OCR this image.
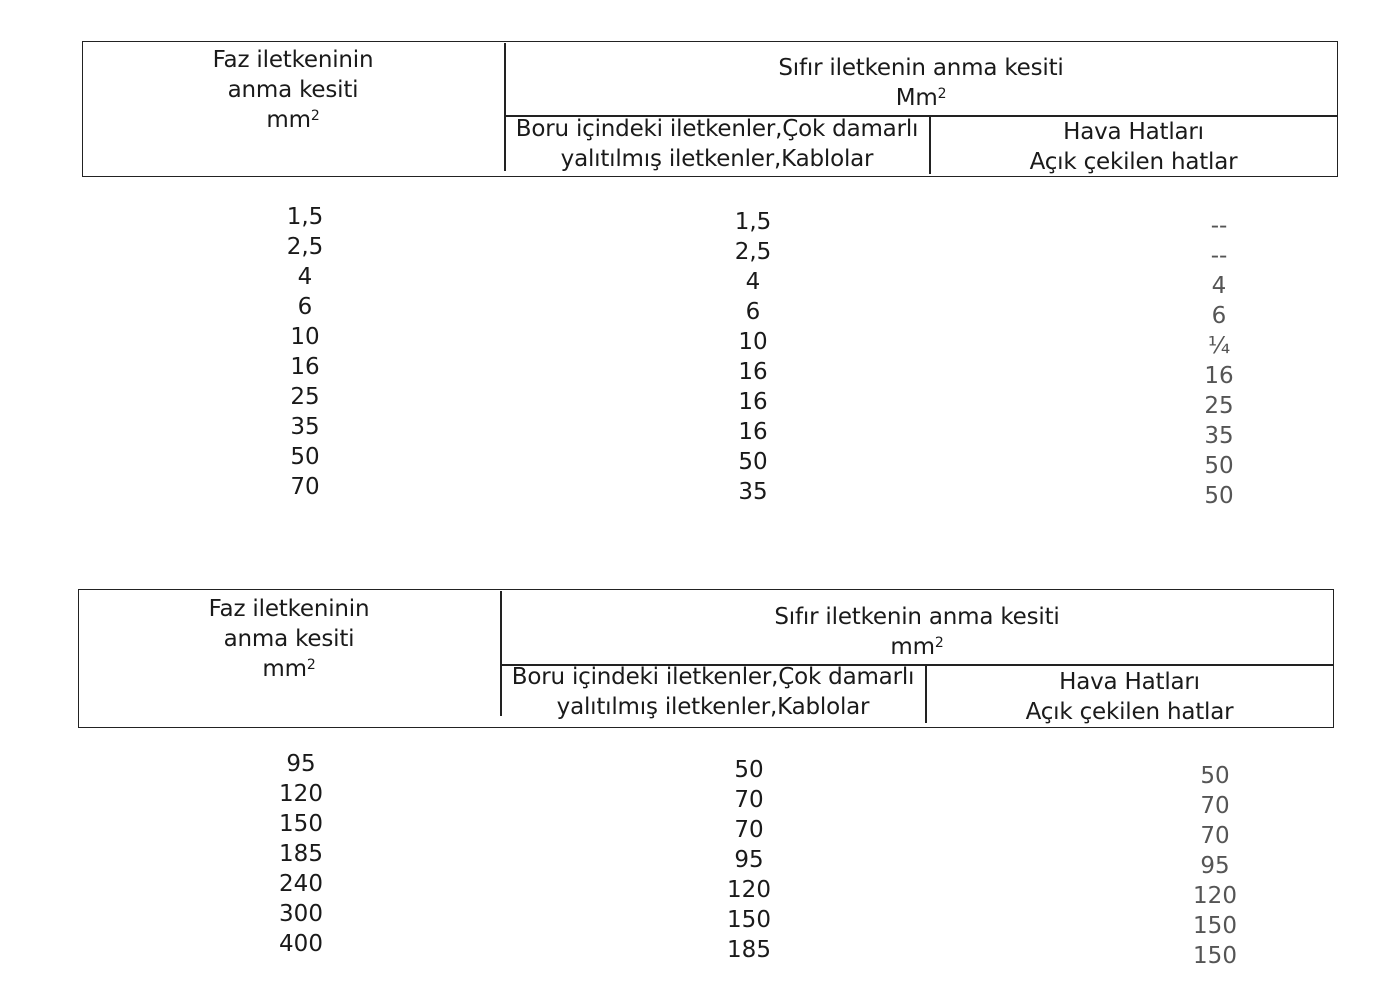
Faz iletkeninin
anma kesiti
$mm^2$
Sıfır iletkenin anma kesiti
Mm$^2$
Boru içindeki iletkenler,Çok damarlı
yalıtılmış iletkenler,Kablolar
Hava Hatları
Açık çekilen hatlar
1,5
2,5
4
6
10
16
25
35
50
70
1,5
2,5
4
6
10
16
16
16
50
35
--
--
4
6
¼
16
25
35
50
50
Faz iletkeninin
anma kesiti
$mm^2$
Sıfır iletkenin anma kesiti
$mm^2$
Boru içindeki iletkenler,Çok damarlı
yalıtılmış iletkenler,Kablolar
Hava Hatları
Açık çekilen hatlar
95
120
150
185
240
300
400
50
70
70
95
120
150
185
50
70
70
95
120
150
150
